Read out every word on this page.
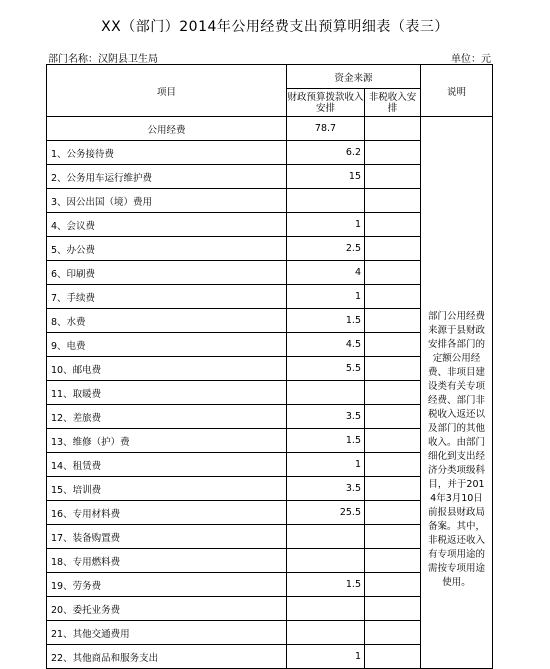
XX（部门）2014年公用经费支出预算明细表（表三）
部门名称：汉阴县卫生局	单位：元
项目	资金来源		说明
	财政预算拨款收入安排	非税收入安排	
公用经费	78.7		部门公用经费来源于县财政安排各部门的定额公用经费、非项目建设类有关专项经费、部门非税收入返还以及部门的其他收入。由部门细化到支出经济分类项级科目，并于2014年3月10日前报县财政局备案。其中，非税返还收入有专项用途的需按专项用途使用。
1、公务接待费	6.2		
2、公务用车运行维护费	15		
3、因公出国（境）费用			
4、会议费	1		
5、办公费	2.5		
6、印刷费	4		
7、手续费	1		
8、水费	1.5		
9、电费	4.5		
10、邮电费	5.5		
11、取暖费			
12、差旅费	3.5		
13、维修（护）费	1.5		
14、租赁费	1		
15、培训费	3.5		
16、专用材料费	25.5		
17、装备购置费			
18、专用燃料费			
19、劳务费	1.5		
20、委托业务费			
21、其他交通费用			
22、其他商品和服务支出	1		
